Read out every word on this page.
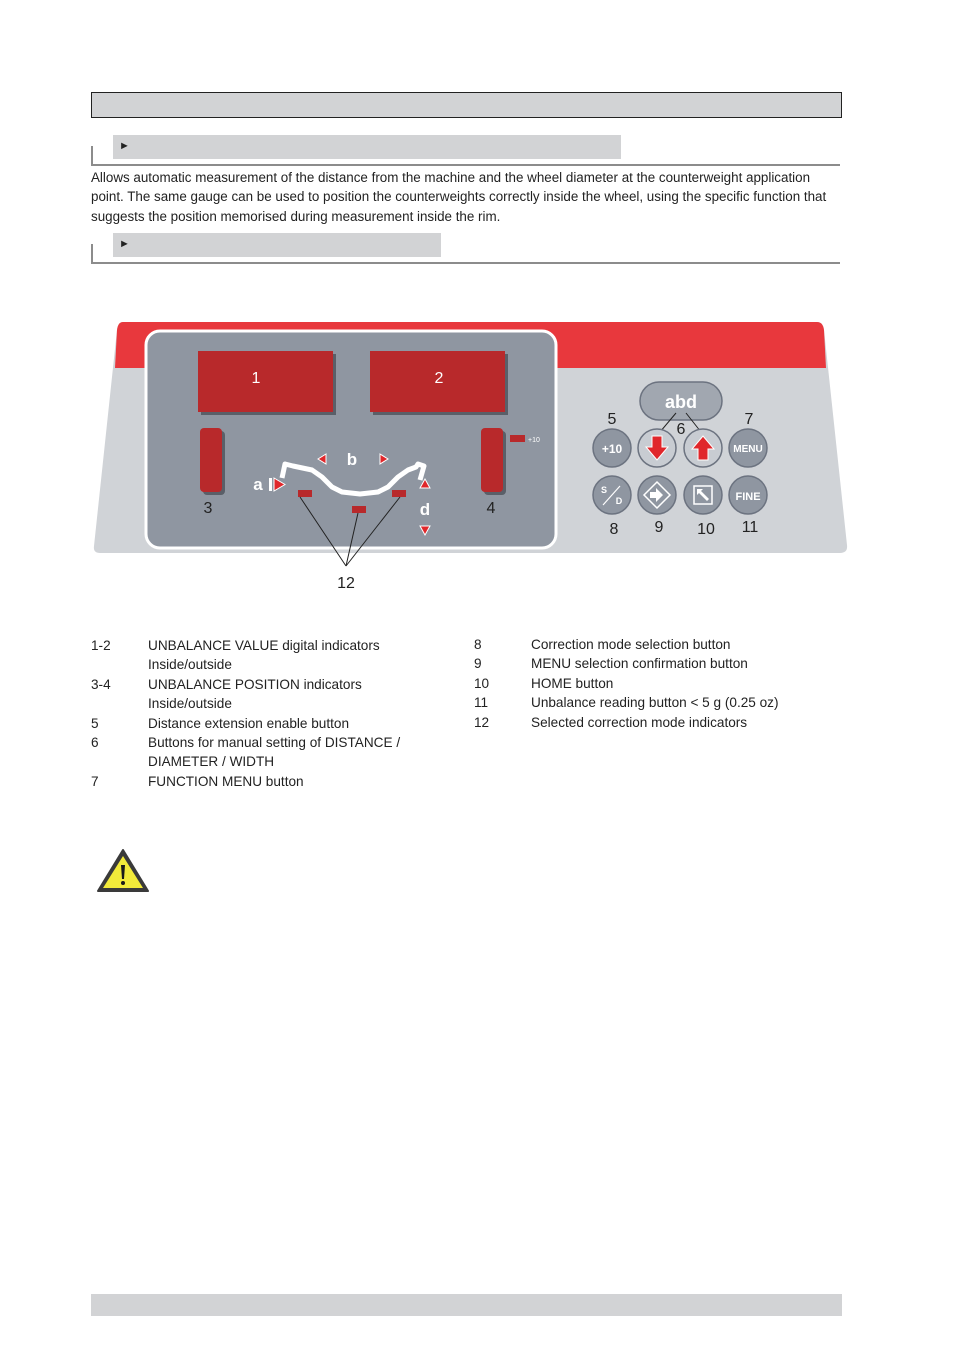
►
Allows automatic measurement of the distance from the machine and the wheel diameter at the counterweight application point. The same gauge can be used to position the counterweights correctly inside the wheel, using the specific function that suggests the position memorised during measurement inside the rim.
►
1	2
+10
b
a
d
12
3	4
abd
5
6
7
+10	MENU
S
D	FINE
8 9 10 11
1-2	UNBALANCE VALUE digital indicators
Inside/outside
3-4	UNBALANCE POSITION indicators
Inside/outside
5	Distance extension enable button
6	Buttons for manual setting of DISTANCE /
DIAMETER / WIDTH
7	FUNCTION MENU button
8	Correction mode selection button
9	MENU selection confirmation button
10	HOME button
11	Unbalance reading button < 5 g (0.25 oz)
12	Selected correction mode indicators
